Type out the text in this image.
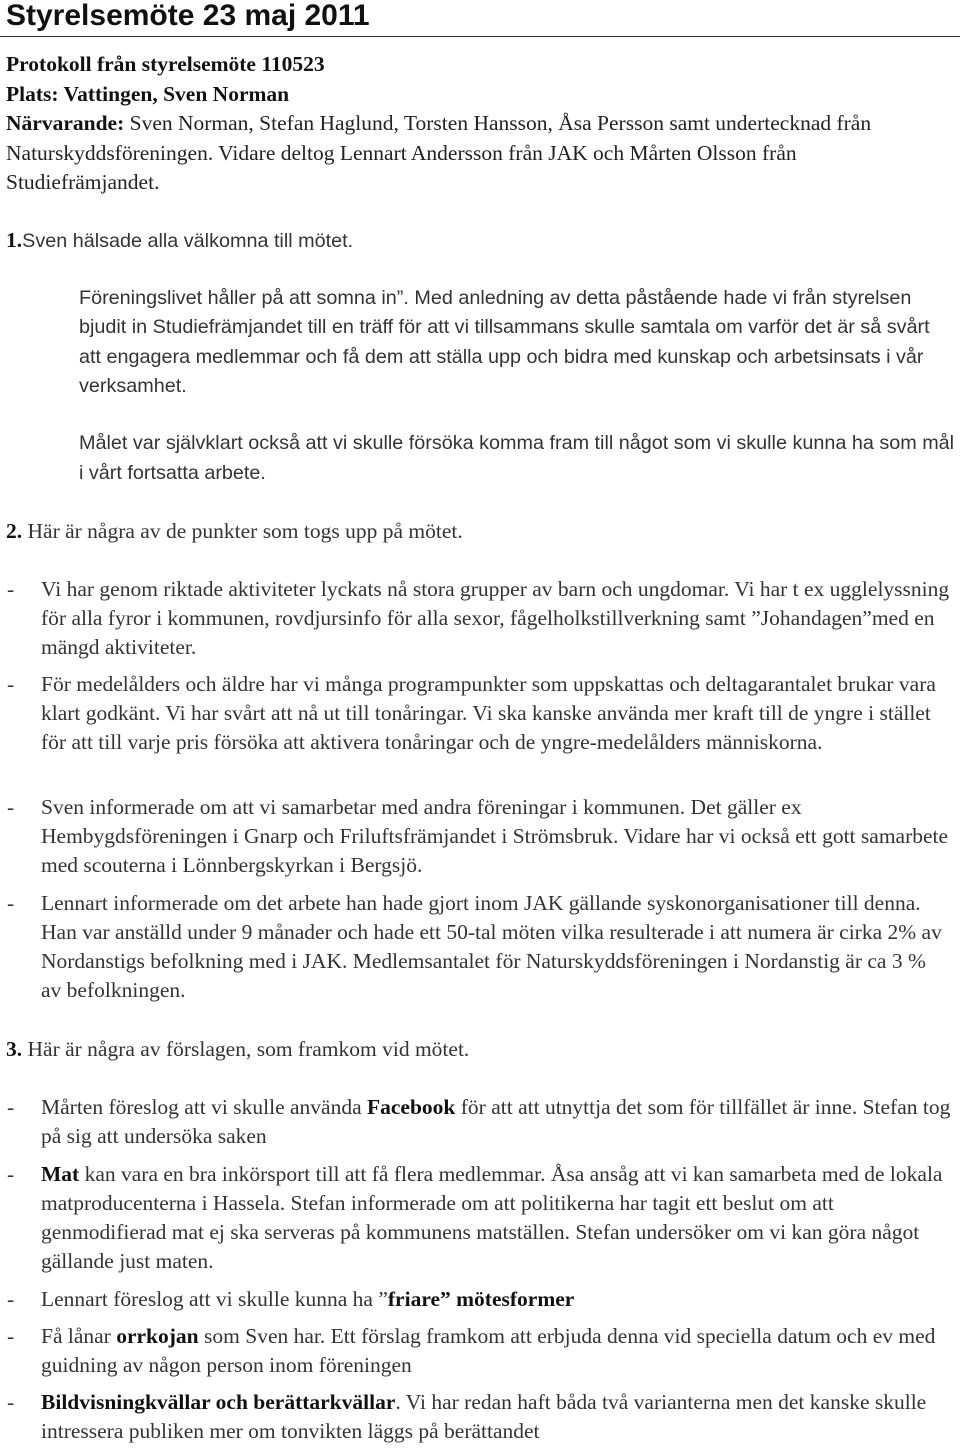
Styrelsemöte 23 maj 2011
Protokoll från styrelsemöte 110523
Plats: Vattingen, Sven Norman
Närvarande: Sven Norman, Stefan Haglund, Torsten Hansson, Åsa Persson samt undertecknad från Naturskyddsföreningen. Vidare deltog Lennart Andersson från JAK och Mårten Olsson från Studiefrämjandet.
1.Sven hälsade alla välkomna till mötet.
Föreningslivet håller på att somna in”. Med anledning av detta påstående hade vi från styrelsen bjudit in Studiefrämjandet till en träff för att vi tillsammans skulle samtala om varför det är så svårt att engagera medlemmar och få dem att ställa upp och bidra med kunskap och arbetsinsats i vår verksamhet.
Målet var självklart också att vi skulle försöka komma fram till något som vi skulle kunna ha som mål i vårt fortsatta arbete.
2. Här är några av de punkter som togs upp på mötet.
- Vi har genom riktade aktiviteter lyckats nå stora grupper av barn och ungdomar. Vi har t ex ugglelyssning för alla fyror i kommunen, rovdjursinfo för alla sexor, fågelholkstillverkning samt ”Johandagen”med en mängd aktiviteter.
- För medelålders och äldre har vi många programpunkter som uppskattas och deltagarantalet brukar vara klart godkänt. Vi har svårt att nå ut till tonåringar. Vi ska kanske använda mer kraft till de yngre i stället för att till varje pris försöka att aktivera tonåringar och de yngre-medelålders människorna.
- Sven informerade om att vi samarbetar med andra föreningar i kommunen. Det gäller ex Hembygdsföreningen i Gnarp och Friluftsfrämjandet i Strömsbruk. Vidare har vi också ett gott samarbete med scouterna i Lönnbergskyrkan i Bergsjö.
- Lennart informerade om det arbete han hade gjort inom JAK gällande syskonorganisationer till denna. Han var anställd under 9 månader och hade ett 50-tal möten vilka resulterade i att numera är cirka 2% av Nordanstigs befolkning med i JAK. Medlemsantalet för Naturskyddsföreningen i Nordanstig är ca 3 % av befolkningen.
3. Här är några av förslagen, som framkom vid mötet.
- Mårten föreslog att vi skulle använda Facebook för att att utnyttja det som för tillfället är inne. Stefan tog på sig att undersöka saken
- Mat kan vara en bra inkörsport till att få flera medlemmar. Åsa ansåg att vi kan samarbeta med de lokala matproducenterna i Hassela. Stefan informerade om att politikerna har tagit ett beslut om att genmodifierad mat ej ska serveras på kommunens matställen. Stefan undersöker om vi kan göra något gällande just maten.
- Lennart föreslog att vi skulle kunna ha ”friare” mötesformer
- Få lånar orrkojan som Sven har. Ett förslag framkom att erbjuda denna vid speciella datum och ev med guidning av någon person inom föreningen
- Bildvisningkvällar och berättarkvällar. Vi har redan haft båda två varianterna men det kanske skulle intressera publiken mer om tonvikten läggs på berättandet
